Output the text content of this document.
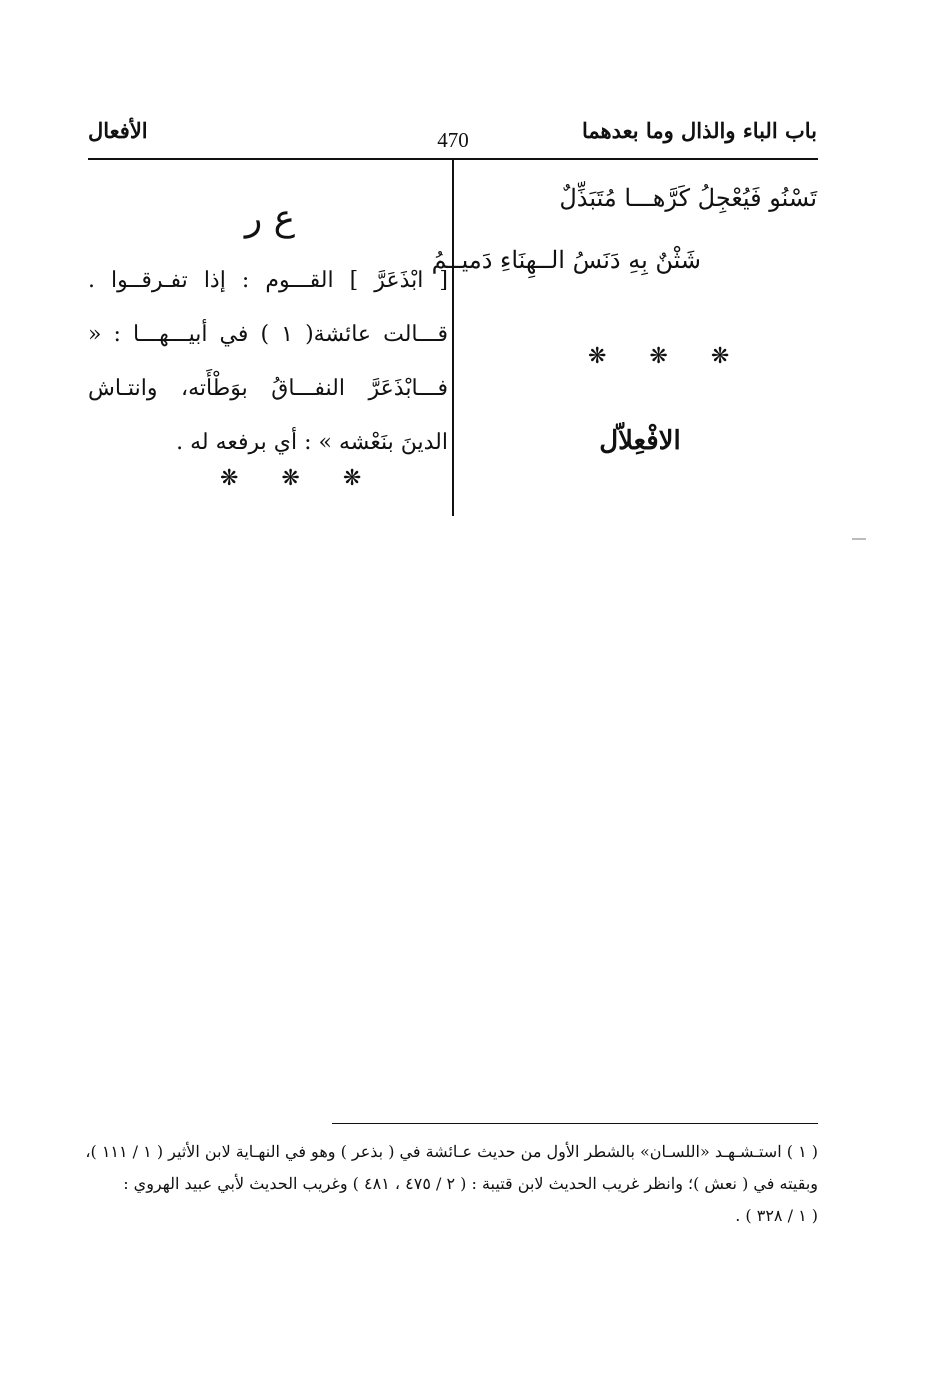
باب الباء والذال وما بعدهما
470
الأفعال
تَسْنُو فَيُعْجِلُ كَرَّهـــا مُتَبَذِّلٌ
شَثْنٌ بِهِ دَنَسُ الــهِنَاءِ دَميــمُ
❋ ❋ ❋
الافْعِلاّل
ع ر
[ ابْذَعَرَّ ] القـــوم : إذا تفـرقــوا . قـــالت عائشة( ١ ) في أبيـــهـــا : « فـــابْذَعَرَّ النفـــاقُ بوَطْأَته، وانتـاش الدينَ بنَعْشه » : أي برفعه له .
❋ ❋ ❋
( ١ ) استـشـهـد «اللسـان» بالشطر الأول من حديث عـائشة في ( بذعر ) وهو في النهـاية لابن الأثير ( ١ / ١١١ )،
وبقيته في ( نعش )؛ وانظر غريب الحديث لابن قتيبة : ( ٢ / ٤٧٥ ، ٤٨١ ) وغريب الحديث لأبي عبيد الهروي :
( ١ / ٣٢٨ ) .
